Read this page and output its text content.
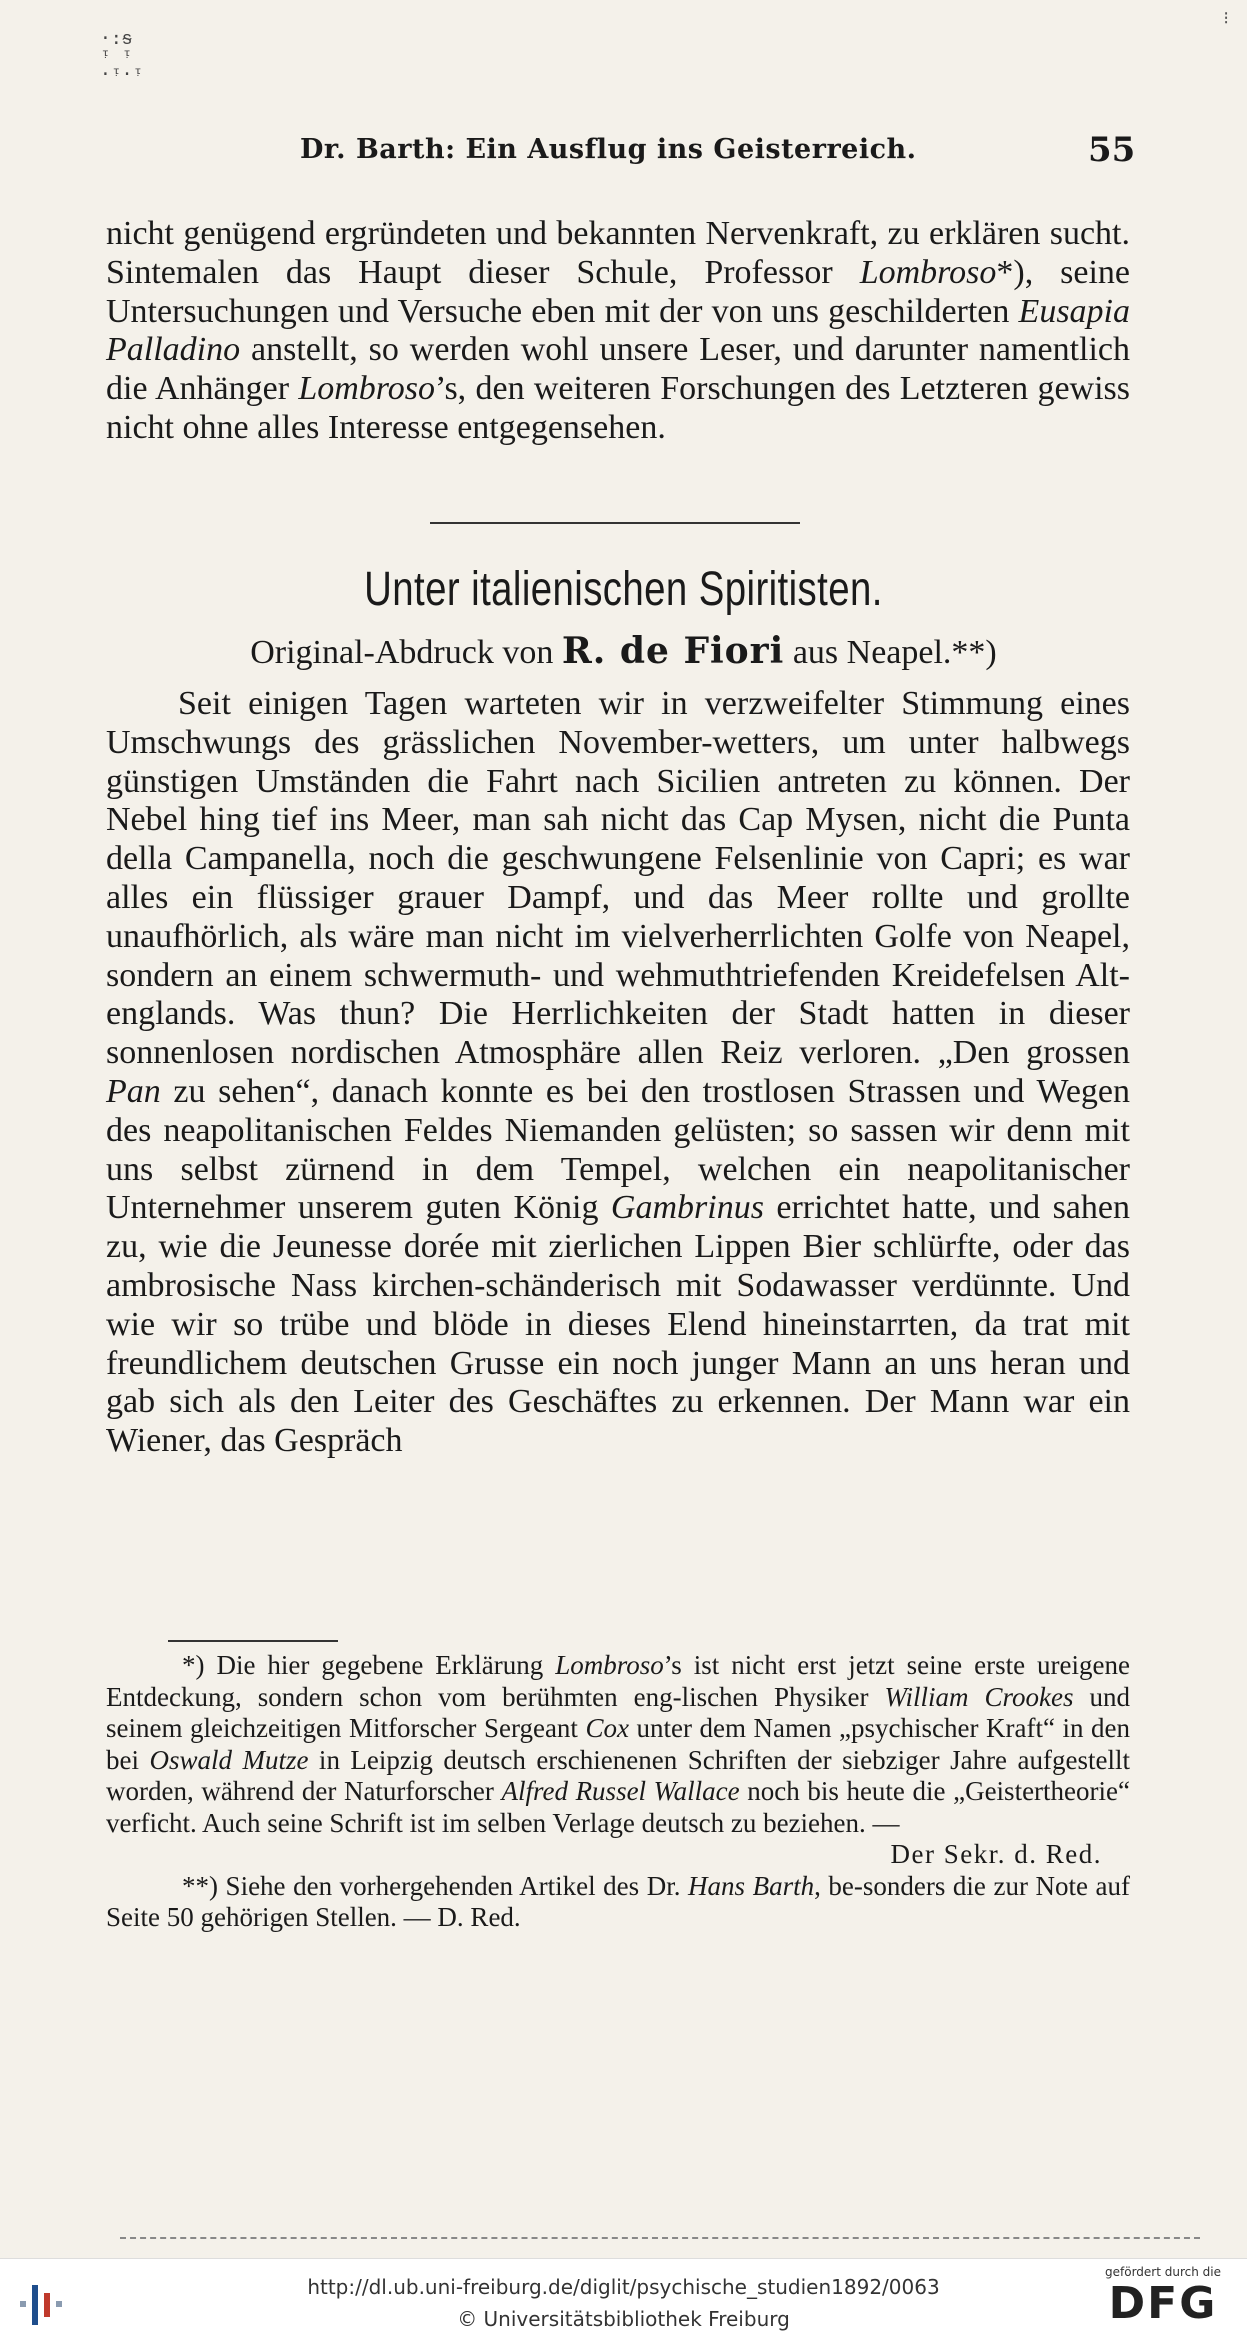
·:ᵴ
ᵎ ᵎ
·ᵎ·ᵎ
⁝
Dr. Barth: Ein Ausflug ins Geisterreich.	55

nicht genügend ergründeten und bekannten Nervenkraft, zu erklären sucht. Sintemalen das Haupt dieser Schule, Professor Lombroso*), seine Untersuchungen und Versuche eben mit der von uns geschilderten Eusapia Palladino anstellt, so werden wohl unsere Leser, und darunter namentlich die Anhänger Lombroso’s, den weiteren Forschungen des Letzteren gewiss nicht ohne alles Interesse entgegensehen.

Unter italienischen Spiritisten.
Original-Abdruck von R. de Fiori aus Neapel.**)

Seit einigen Tagen warteten wir in verzweifelter Stimmung eines Umschwungs des grässlichen November-wetters, um unter halbwegs günstigen Umständen die Fahrt nach Sicilien antreten zu können. Der Nebel hing tief ins Meer, man sah nicht das Cap Mysen, nicht die Punta della Campanella, noch die geschwungene Felsenlinie von Capri; es war alles ein flüssiger grauer Dampf, und das Meer rollte und grollte unaufhörlich, als wäre man nicht im vielverherrlichten Golfe von Neapel, sondern an einem schwermuth- und wehmuthtriefenden Kreidefelsen Alt-englands. Was thun? Die Herrlichkeiten der Stadt hatten in dieser sonnenlosen nordischen Atmosphäre allen Reiz verloren. „Den grossen Pan zu sehen“, danach konnte es bei den trostlosen Strassen und Wegen des neapolitanischen Feldes Niemanden gelüsten; so sassen wir denn mit uns selbst zürnend in dem Tempel, welchen ein neapolitanischer Unternehmer unserem guten König Gambrinus errichtet hatte, und sahen zu, wie die Jeunesse dorée mit zierlichen Lippen Bier schlürfte, oder das ambrosische Nass kirchen-schänderisch mit Sodawasser verdünnte. Und wie wir so trübe und blöde in dieses Elend hineinstarrten, da trat mit freundlichem deutschen Grusse ein noch junger Mann an uns heran und gab sich als den Leiter des Geschäftes zu erkennen. Der Mann war ein Wiener, das Gespräch

*) Die hier gegebene Erklärung Lombroso’s ist nicht erst jetzt seine erste ureigene Entdeckung, sondern schon vom berühmten eng-lischen Physiker William Crookes und seinem gleichzeitigen Mitforscher Sergeant Cox unter dem Namen „psychischer Kraft“ in den bei Oswald Mutze in Leipzig deutsch erschienenen Schriften der siebziger Jahre aufgestellt worden, während der Naturforscher Alfred Russel Wallace noch bis heute die „Geistertheorie“ verficht. Auch seine Schrift ist im selben Verlage deutsch zu beziehen. —

Der Sekr. d. Red.

**) Siehe den vorhergehenden Artikel des Dr. Hans Barth, be-sonders die zur Note auf Seite 50 gehörigen Stellen. — D. Red.

http://dl.ub.uni-freiburg.de/diglit/psychische_studien1892/0063
© Universitätsbibliothek Freiburg
gefördert durch die
DFG
